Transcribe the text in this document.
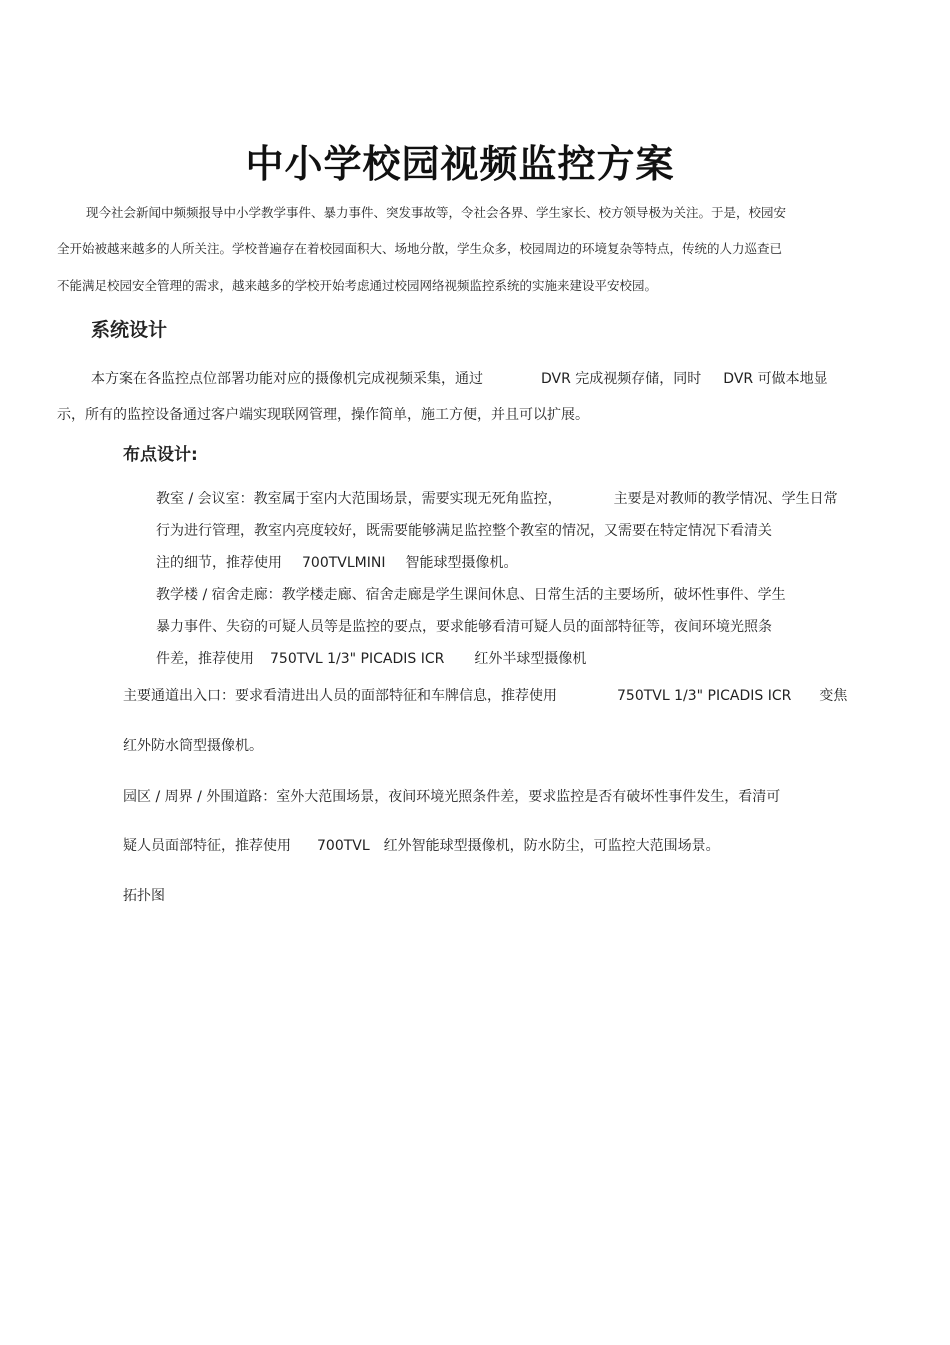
中小学校园视频监控方案

现今社会新闻中频频报导中小学教学事件、暴力事件、突发事故等，令社会各界、学生家长、校方领导极为关注。于是，校园安

全开始被越来越多的人所关注。学校普遍存在着校园面积大、场地分散，学生众多，校园周边的环境复杂等特点，传统的人力巡查已

不能满足校园安全管理的需求，越来越多的学校开始考虑通过校园网络视频监控系统的实施来建设平安校园。

系统设计

本方案在各监控点位部署功能对应的摄像机完成视频采集，通过	DVR 完成视频存储，同时 DVR 可做本地显

示，所有的监控设备通过客户端实现联网管理，操作简单，施工方便，并且可以扩展。

布点设计:

教室 / 会议室：教室属于室内大范围场景，需要实现无死角监控，	主要是对教师的教学情况、学生日常

行为进行管理，教室内亮度较好，既需要能够满足监控整个教室的情况，又需要在特定情况下看清关

注的细节，推荐使用 700TVLMINI 智能球型摄像机。

教学楼 / 宿舍走廊：教学楼走廊、宿舍走廊是学生课间休息、日常生活的主要场所，破坏性事件、学生

暴力事件、失窃的可疑人员等是监控的要点，要求能够看清可疑人员的面部特征等，夜间环境光照条

件差，推荐使用 750TVL 1/3" PICADIS ICR 红外半球型摄像机

主要通道出入口：要求看清进出人员的面部特征和车牌信息，推荐使用	750TVL 1/3" PICADIS ICR 变焦

红外防水筒型摄像机。

园区 / 周界 / 外围道路：室外大范围场景，夜间环境光照条件差，要求监控是否有破坏性事件发生，看清可

疑人员面部特征，推荐使用 700TVL 红外智能球型摄像机，防水防尘，可监控大范围场景。

拓扑图
